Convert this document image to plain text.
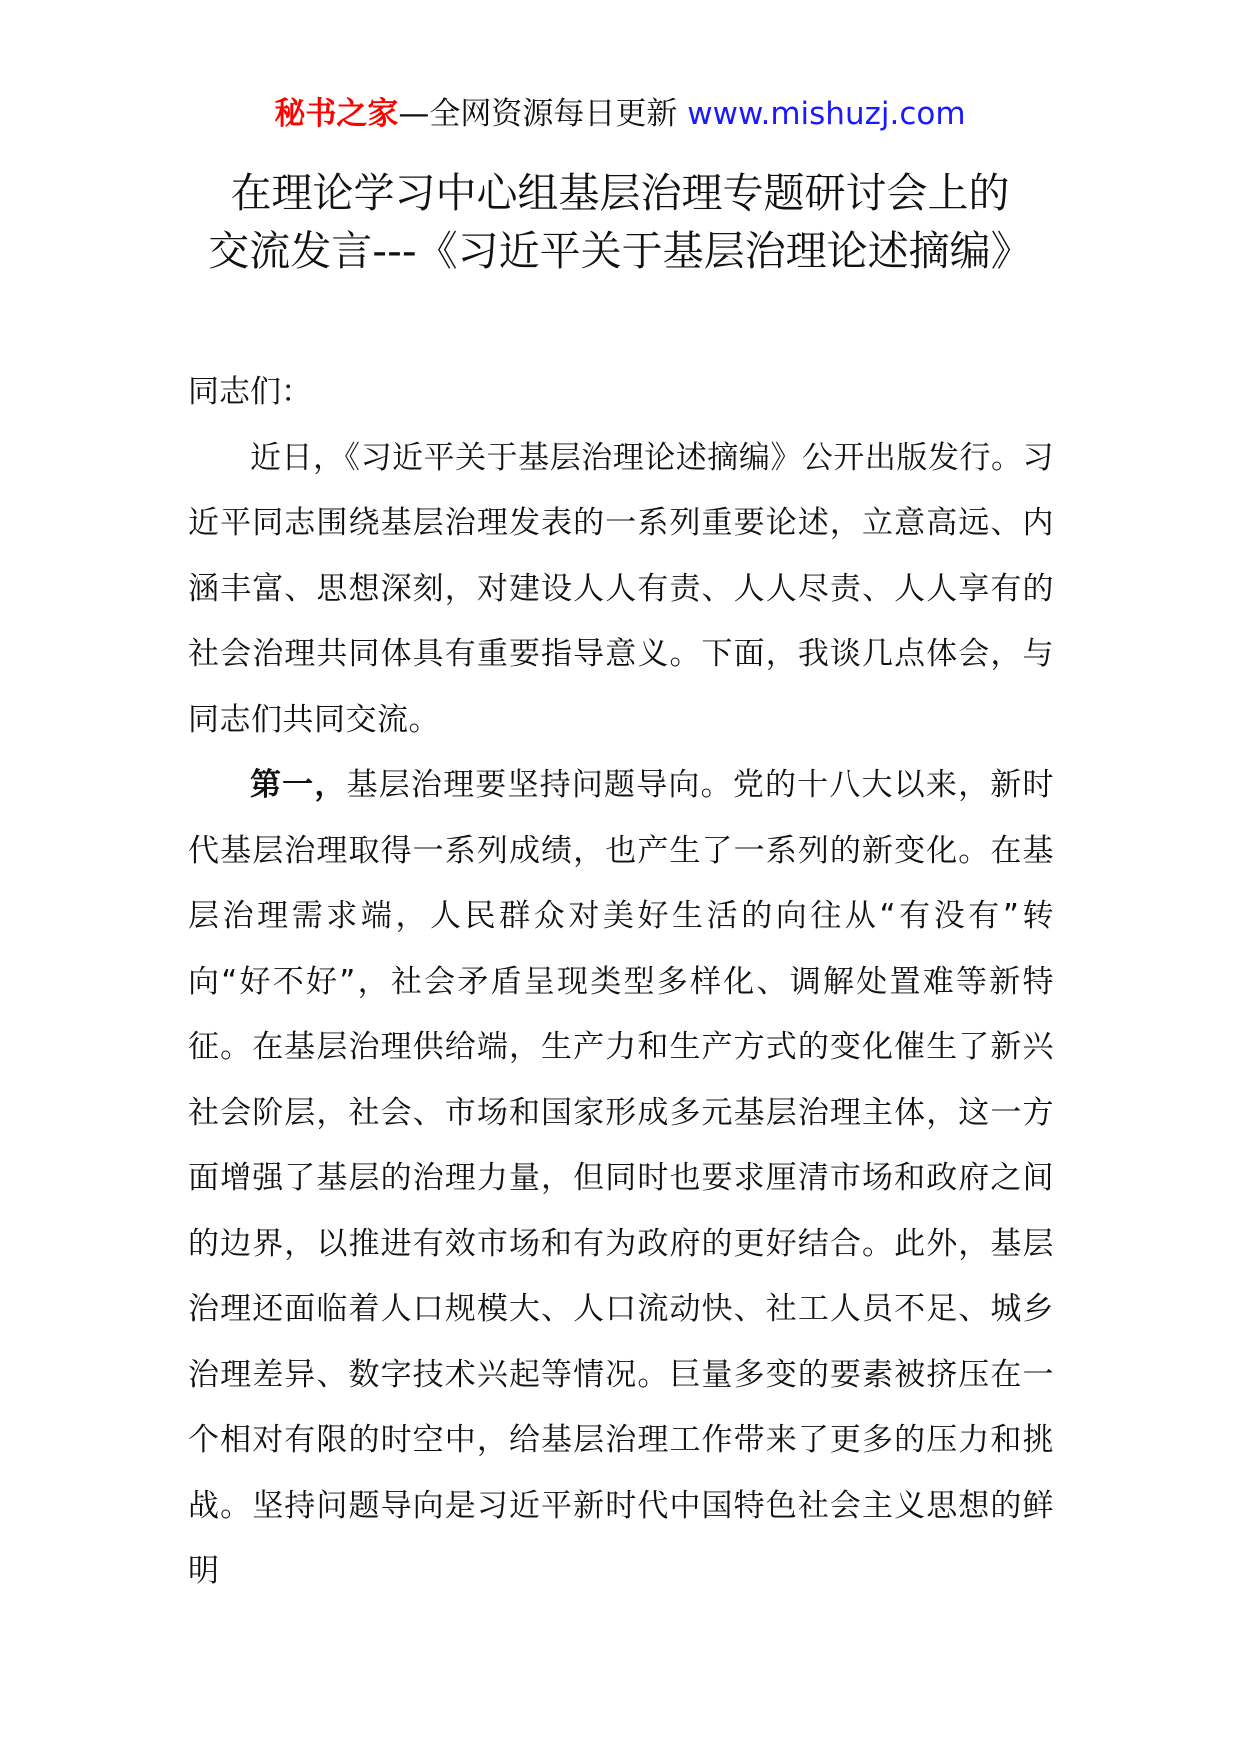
秘书之家—全网资源每日更新 www.mishuzj.com
在理论学习中心组基层治理专题研讨会上的
交流发言---《习近平关于基层治理论述摘编》

同志们：

近日，《习近平关于基层治理论述摘编》公开出版发行。习近平同志围绕基层治理发表的一系列重要论述，立意高远、内涵丰富、思想深刻，对建设人人有责、人人尽责、人人享有的社会治理共同体具有重要指导意义。下面，我谈几点体会，与同志们共同交流。

第一，基层治理要坚持问题导向。党的十八大以来，新时代基层治理取得一系列成绩，也产生了一系列的新变化。在基层治理需求端，人民群众对美好生活的向往从“有没有”转向“好不好”，社会矛盾呈现类型多样化、调解处置难等新特征。在基层治理供给端，生产力和生产方式的变化催生了新兴社会阶层，社会、市场和国家形成多元基层治理主体，这一方面增强了基层的治理力量，但同时也要求厘清市场和政府之间的边界，以推进有效市场和有为政府的更好结合。此外，基层治理还面临着人口规模大、人口流动快、社工人员不足、城乡治理差异、数字技术兴起等情况。巨量多变的要素被挤压在一个相对有限的时空中，给基层治理工作带来了更多的压力和挑战。坚持问题导向是习近平新时代中国特色社会主义思想的鲜明
